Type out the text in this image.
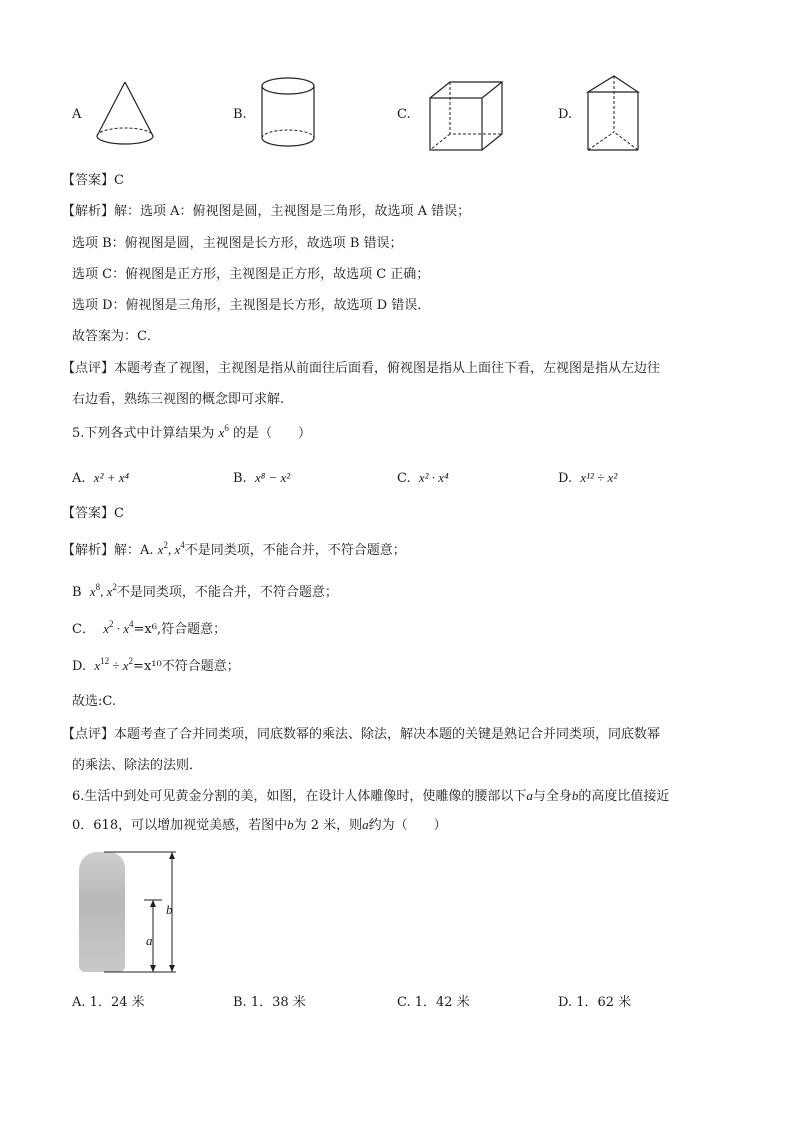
A	B.	C.	D.
【答案】C
【解析】解：选项 A：俯视图是圆，主视图是三角形，故选项 A 错误；
选项 B：俯视图是圆，主视图是长方形，故选项 B 错误；
选项 C：俯视图是正方形，主视图是正方形，故选项 C 正确；
选项 D：俯视图是三角形，主视图是长方形，故选项 D 错误．
故答案为：C．
【点评】本题考查了视图，主视图是指从前面往后面看，俯视图是指从上面往下看，左视图是指从左边往
右边看，熟练三视图的概念即可求解.
5.下列各式中计算结果为 $x^6$ 的是（　　）
A. x² + x⁴	B. x⁸ − x²	C. x² · x⁴	D. x¹² ÷ x²
【答案】C
【解析】解：A. $x^2$, $x^4$不是同类项，不能合并，不符合题意；
B $x^8$, $x^2$不是同类项，不能合并，不符合题意；
C． $x^2 \cdot x^4=x^6$,符合题意；
D. $x^{12} \div x^2=x^{10}$不符合题意；
故选:C.
【点评】本题考查了合并同类项，同底数幂的乘法、除法，解决本题的关键是熟记合并同类项，同底数幂
的乘法、除法的法则．
6.生活中到处可见黄金分割的美，如图，在设计人体雕像时，使雕像的腰部以下a与全身b的高度比值接近
0．618，可以增加视觉美感，若图中b为 2 米，则a约为（　　）
b
a
A. 1．24 米	B. 1．38 米	C. 1．42 米	D. 1．62 米
